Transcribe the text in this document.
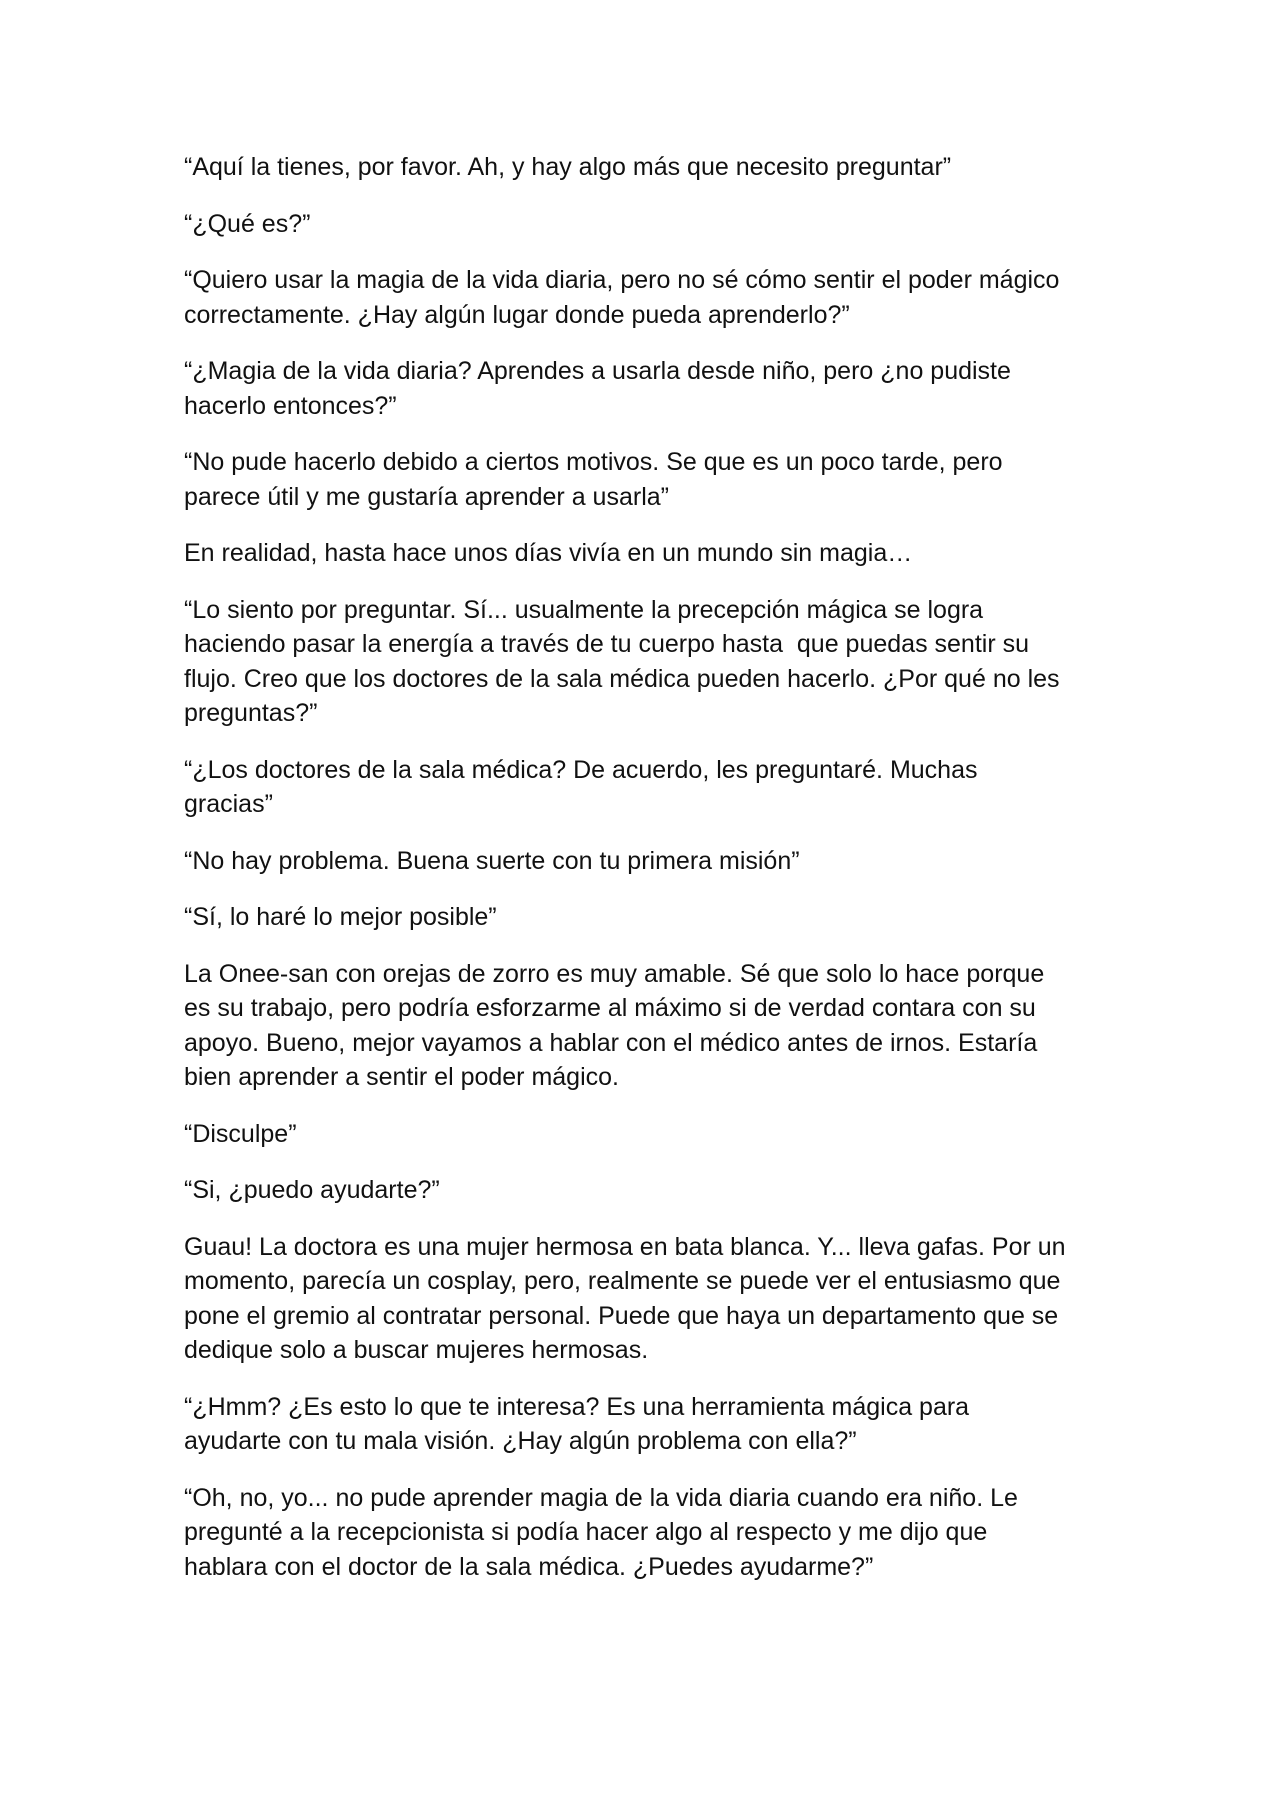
“Aquí la tienes, por favor. Ah, y hay algo más que necesito preguntar”

“¿Qué es?”

“Quiero usar la magia de la vida diaria, pero no sé cómo sentir el poder mágico
correctamente. ¿Hay algún lugar donde pueda aprenderlo?”

“¿Magia de la vida diaria? Aprendes a usarla desde niño, pero ¿no pudiste
hacerlo entonces?”

“No pude hacerlo debido a ciertos motivos. Se que es un poco tarde, pero
parece útil y me gustaría aprender a usarla”

En realidad, hasta hace unos días vivía en un mundo sin magia…

“Lo siento por preguntar. Sí... usualmente la precepción mágica se logra
haciendo pasar la energía a través de tu cuerpo hasta  que puedas sentir su
flujo. Creo que los doctores de la sala médica pueden hacerlo. ¿Por qué no les
preguntas?”

“¿Los doctores de la sala médica? De acuerdo, les preguntaré. Muchas
gracias”

“No hay problema. Buena suerte con tu primera misión”

“Sí, lo haré lo mejor posible”

La Onee-san con orejas de zorro es muy amable. Sé que solo lo hace porque
es su trabajo, pero podría esforzarme al máximo si de verdad contara con su
apoyo. Bueno, mejor vayamos a hablar con el médico antes de irnos. Estaría
bien aprender a sentir el poder mágico.

“Disculpe”

“Si, ¿puedo ayudarte?”

Guau! La doctora es una mujer hermosa en bata blanca. Y... lleva gafas. Por un
momento, parecía un cosplay, pero, realmente se puede ver el entusiasmo que
pone el gremio al contratar personal. Puede que haya un departamento que se
dedique solo a buscar mujeres hermosas.

“¿Hmm? ¿Es esto lo que te interesa? Es una herramienta mágica para
ayudarte con tu mala visión. ¿Hay algún problema con ella?”

“Oh, no, yo... no pude aprender magia de la vida diaria cuando era niño. Le
pregunté a la recepcionista si podía hacer algo al respecto y me dijo que
hablara con el doctor de la sala médica. ¿Puedes ayudarme?”
